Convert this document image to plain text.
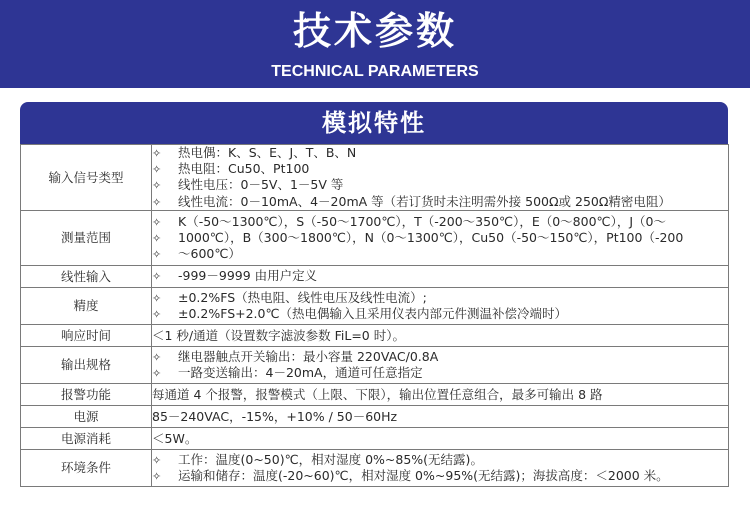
技术参数
TECHNICAL PARAMETERS
模拟特性
输入信号类型	✧ 热电偶：K、S、E、J、T、B、N
✧ 热电阻：Cu50、Pt100
✧ 线性电压：0－5V、1－5V 等
✧ 线性电流：0－10mA、4－20mA 等（若订货时未注明需外接 500Ω或 250Ω精密电阻）

测量范围	✧ K（-50～1300℃），S（-50～1700℃），T（-200～350℃），E（0～800℃），J（0～
✧ 1000℃），B（300～1800℃），N（0～1300℃），Cu50（-50～150℃），Pt100（-200
✧ ～600℃）

线性输入	✧ -999－9999 由用户定义

精度	✧ ±0.2%FS（热电阻、线性电压及线性电流）;
✧ ±0.2%FS+2.0℃（热电偶输入且采用仪表内部元件测温补偿冷端时）

响应时间	＜1 秒/通道（设置数字滤波参数 FiL=0 时）。

输出规格	✧ 继电器触点开关输出：最小容量 220VAC/0.8A
✧ 一路变送输出：4－20mA，通道可任意指定

报警功能	每通道 4 个报警，报警模式（上限、下限），输出位置任意组合，最多可输出 8 路

电源	85－240VAC，-15%，+10% / 50－60Hz

电源消耗	＜5W。

环境条件	✧ 工作：温度(0~50)℃，相对湿度 0%~85%(无结露)。
✧ 运输和储存：温度(-20~60)℃，相对湿度 0%~95%(无结露)；海拔高度：＜2000 米。
